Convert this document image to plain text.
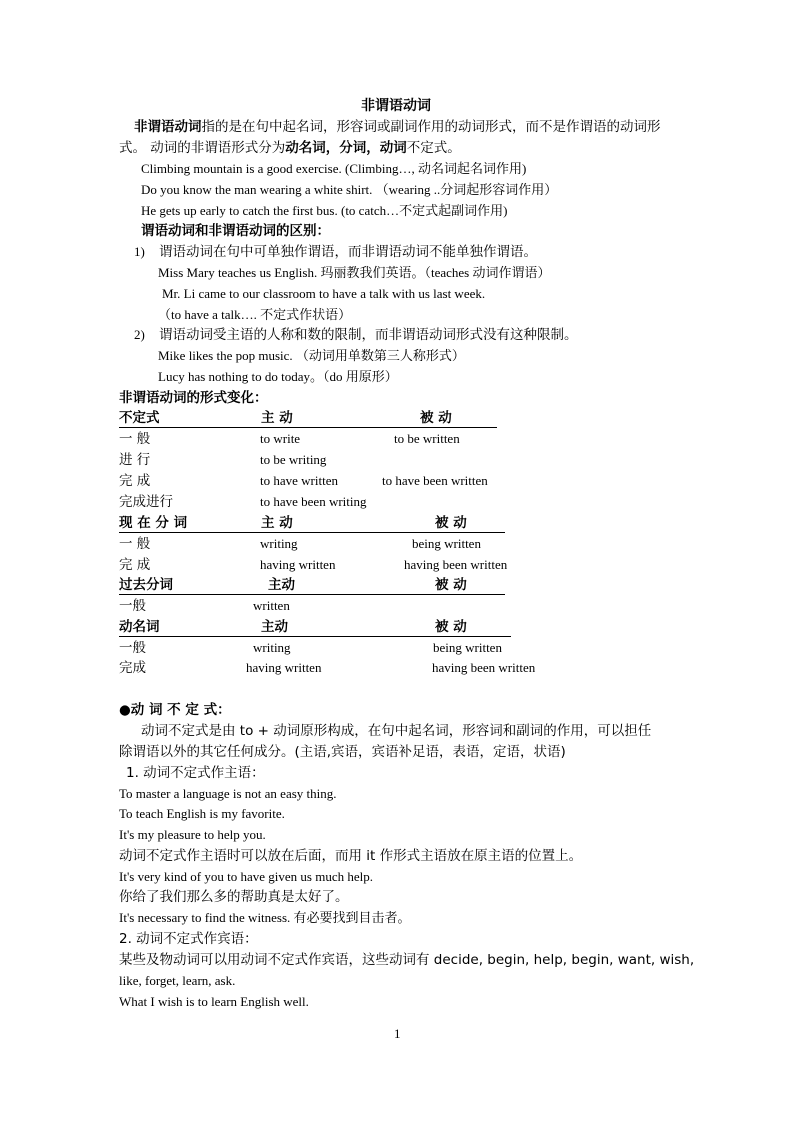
非谓语动词
非谓语动词指的是在句中起名词，形容词或副词作用的动词形式，而不是作谓语的动词形
式。 动词的非谓语形式分为动名词，分词，动词不定式。
Climbing mountain is a good exercise. (Climbing…, 动名词起名词作用)
Do you know the man wearing a white shirt. （wearing ..分词起形容词作用）
He gets up early to catch the first bus. (to catch…不定式起副词作用)
谓语动词和非谓语动词的区别：
1) 谓语动词在句中可单独作谓语，而非谓语动词不能单独作谓语。
Miss Mary teaches us English. 玛丽教我们英语。（teaches 动词作谓语）
Mr. Li came to our classroom to have a talk with us last week.
（to have a talk…. 不定式作状语）
2) 谓语动词受主语的人称和数的限制，而非谓语动词形式没有这种限制。
Mike likes the pop music. （动词用单数第三人称形式）
Lucy has nothing to do today。（do 用原形）
非谓语动词的形式变化：
不定式	主 动	被 动
一 般	to write	to be written
进 行	to be writing
完 成	to have written	to have been written
完成进行	to have been writing
现 在 分 词	主 动	被 动
一 般	writing	being written
完 成	having written	having been written
过去分词	主动	被 动
一般	written
动名词	主动	被 动
一般	writing	being written
完成	having written	having been written
●动 词 不 定 式：
动词不定式是由 to + 动词原形构成，在句中起名词，形容词和副词的作用，可以担任
除谓语以外的其它任何成分。(主语,宾语，宾语补足语，表语，定语，状语)
1. 动词不定式作主语：
To master a language is not an easy thing.
To teach English is my favorite.
It's my pleasure to help you.
动词不定式作主语时可以放在后面，而用 it 作形式主语放在原主语的位置上。
It's very kind of you to have given us much help.
你给了我们那么多的帮助真是太好了。
It's necessary to find the witness. 有必要找到目击者。
2. 动词不定式作宾语：
某些及物动词可以用动词不定式作宾语，这些动词有 decide, begin, help, begin, want, wish,
like, forget, learn, ask.
What I wish is to learn English well.
1
